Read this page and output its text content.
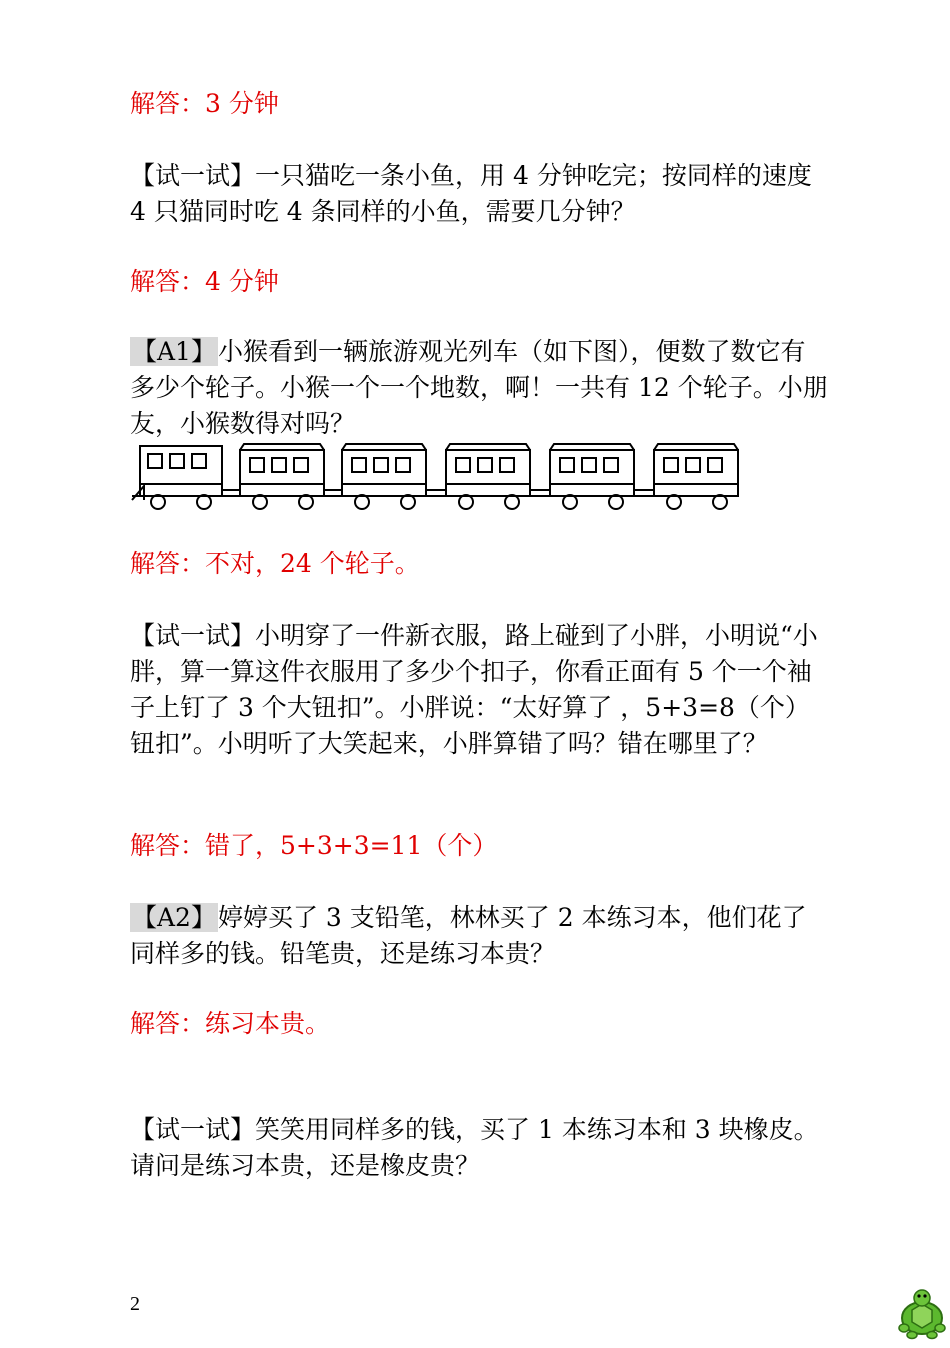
解答：3 分钟

【试一试】一只猫吃一条小鱼，用 4 分钟吃完；按同样的速度 4 只猫同时吃 4 条同样的小鱼，需要几分钟？

解答：4 分钟

【A1】小猴看到一辆旅游观光列车（如下图），便数了数它有多少个轮子。小猴一个一个地数，啊！一共有 12 个轮子。小朋友，小猴数得对吗？

解答：不对，24 个轮子。

【试一试】小明穿了一件新衣服，路上碰到了小胖，小明说“小胖，算一算这件衣服用了多少个扣子，你看正面有 5 个一个袖子上钉了 3 个大钮扣”。小胖说：“太好算了 ，5+3=8（个）钮扣”。小明听了大笑起来，小胖算错了吗？错在哪里了？

解答：错了，5+3+3=11（个）

【A2】婷婷买了 3 支铅笔，林林买了 2 本练习本，他们花了同样多的钱。铅笔贵，还是练习本贵？

解答：练习本贵。

【试一试】笑笑用同样多的钱，买了 1 本练习本和 3 块橡皮。请问是练习本贵，还是橡皮贵？

2
